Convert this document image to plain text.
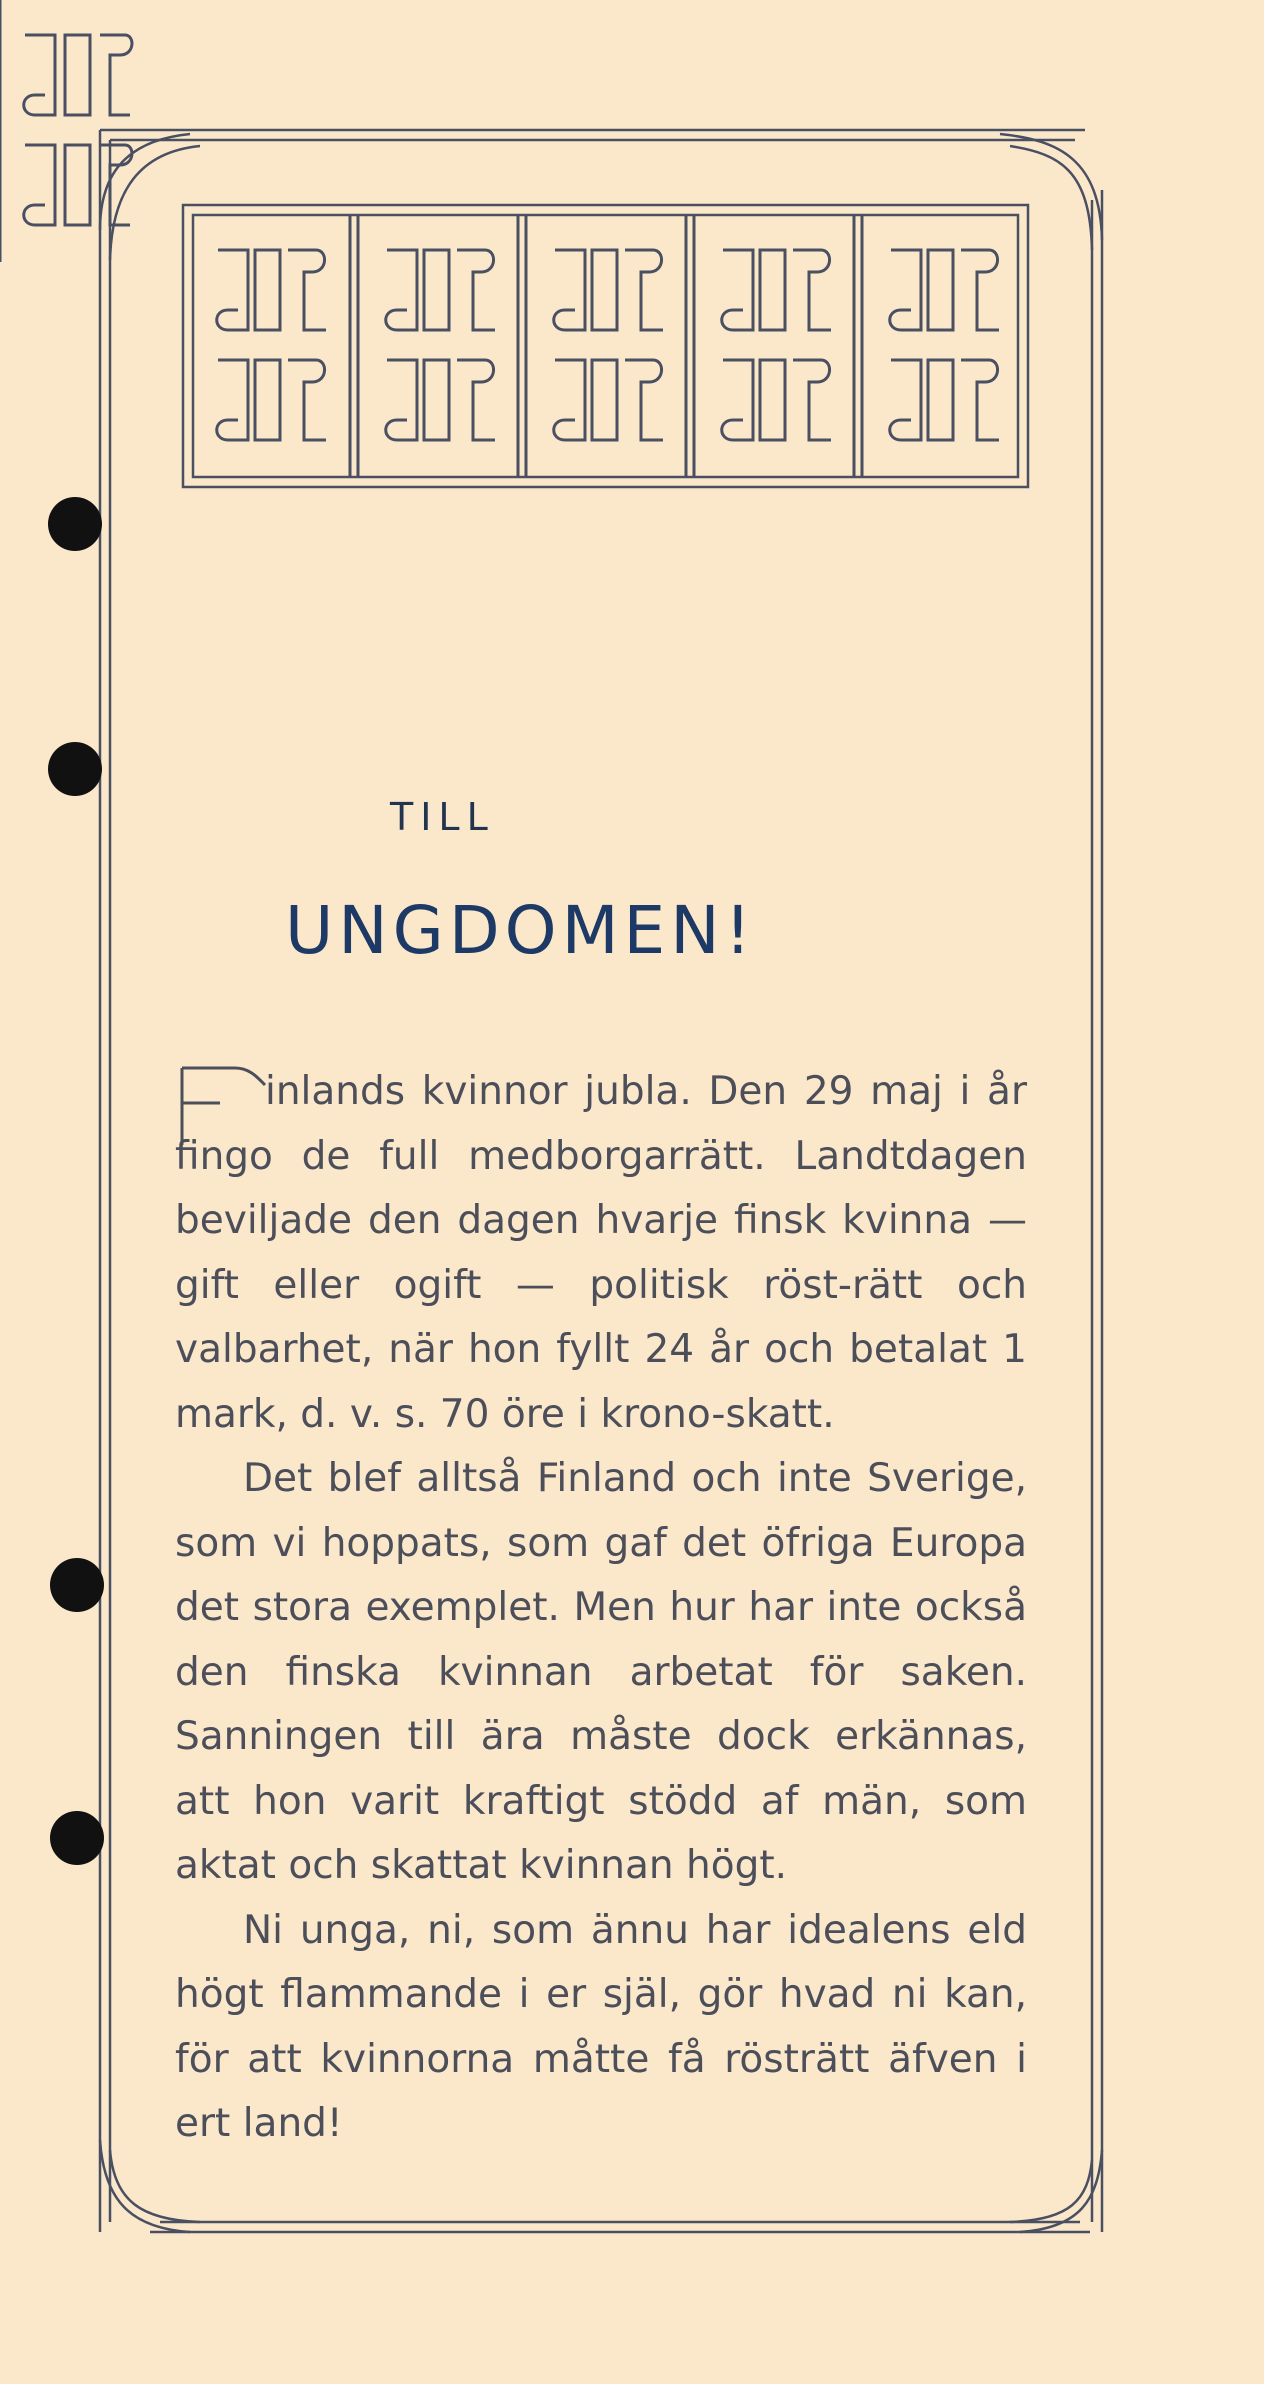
TILL
UNGDOMEN!

inlands kvinnor jubla. Den 29 maj i år fingo de full medborgarrätt. Landtdagen beviljade den dagen hvarje finsk kvinna — gift eller ogift — politisk röst-rätt och valbarhet, när hon fyllt 24 år och betalat 1 mark, d. v. s. 70 öre i krono-skatt.

Det blef alltså Finland och inte Sverige, som vi hoppats, som gaf det öfriga Europa det stora exemplet. Men hur har inte också den finska kvinnan arbetat för saken. Sanningen till ära måste dock erkännas, att hon varit kraftigt stödd af män, som aktat och skattat kvinnan högt.

Ni unga, ni, som ännu har idealens eld högt flammande i er själ, gör hvad ni kan, för att kvinnorna måtte få rösträtt äfven i ert land!
